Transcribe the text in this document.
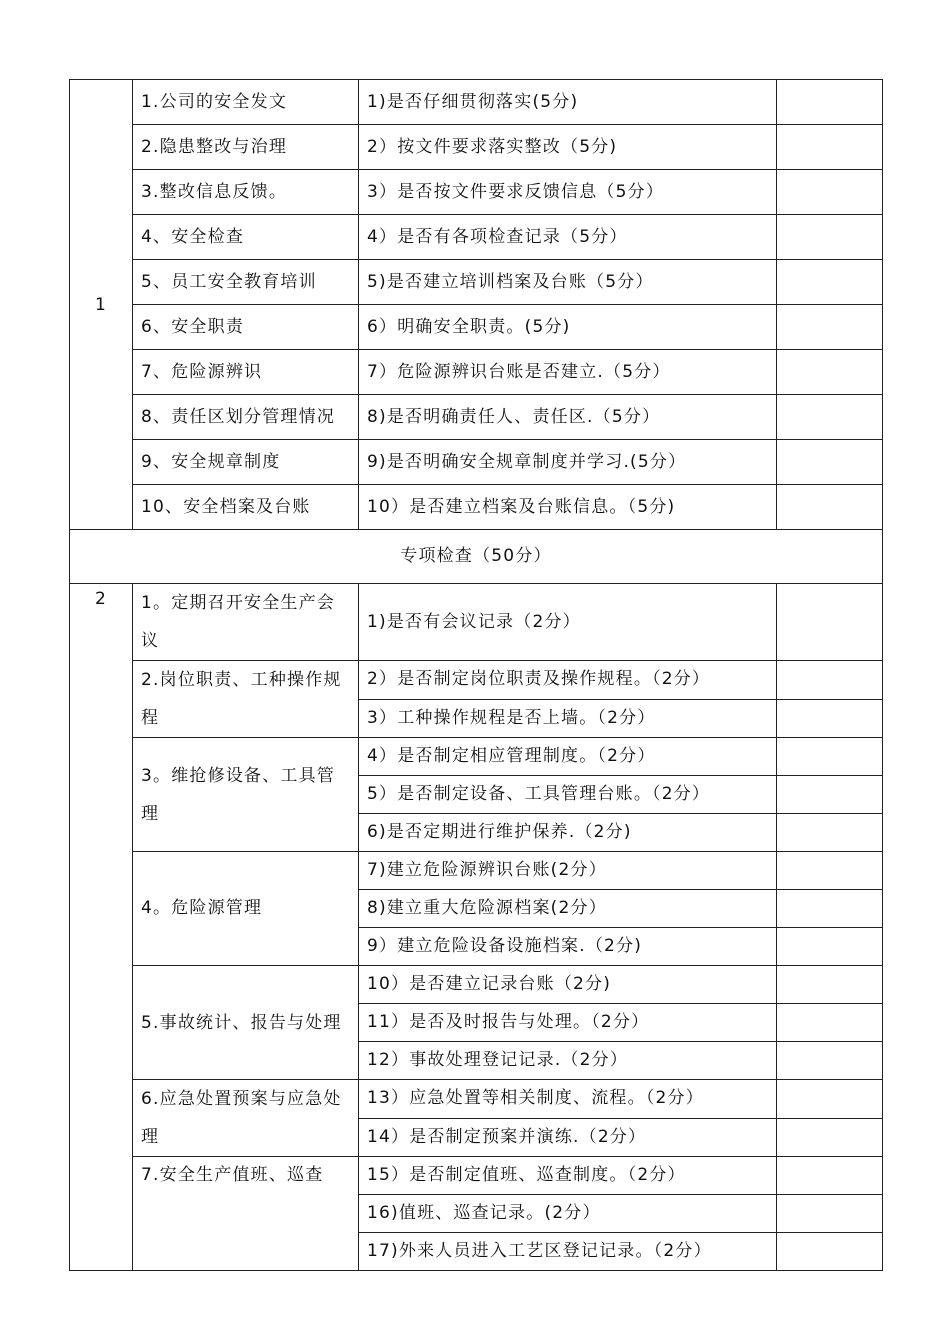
1	1.公司的安全发文	1)是否仔细贯彻落实(5分)	
	2.隐患整改与治理	2）按文件要求落实整改（5分)	
	3.整改信息反馈。	3）是否按文件要求反馈信息（5分）	
	4、安全检查	4）是否有各项检查记录（5分）	
	5、员工安全教育培训	5)是否建立培训档案及台账（5分）	
	6、安全职责	6）明确安全职责。(5分)	
	7、危险源辨识	7）危险源辨识台账是否建立.（5分）	
	8、责任区划分管理情况	8)是否明确责任人、责任区.（5分）	
	9、安全规章制度	9)是否明确安全规章制度并学习.(5分）	
	10、安全档案及台账	10）是否建立档案及台账信息。（5分)	
专项检查（50分）			
2	1。定期召开安全生产会议	1)是否有会议记录（2分）	
	2.岗位职责、工种操作规程	2）是否制定岗位职责及操作规程。（2分）	
		3）工种操作规程是否上墙。（2分）	
	3。维抢修设备、工具管理	4）是否制定相应管理制度。（2分）	
		5）是否制定设备、工具管理台账。（2分）	
		6)是否定期进行维护保养.（2分)	
	4。危险源管理	7)建立危险源辨识台账(2分）	
		8)建立重大危险源档案(2分）	
		9）建立危险设备设施档案.（2分)	
	5.事故统计、报告与处理	10）是否建立记录台账（2分)	
		11）是否及时报告与处理。（2分）	
		12）事故处理登记记录.（2分）	
	6.应急处置预案与应急处理	13）应急处置等相关制度、流程。（2分）	
		14）是否制定预案并演练.（2分）	
	7.安全生产值班、巡查	15）是否制定值班、巡查制度。（2分）	
		16)值班、巡查记录。(2分）	
		17)外来人员进入工艺区登记记录。（2分）	
